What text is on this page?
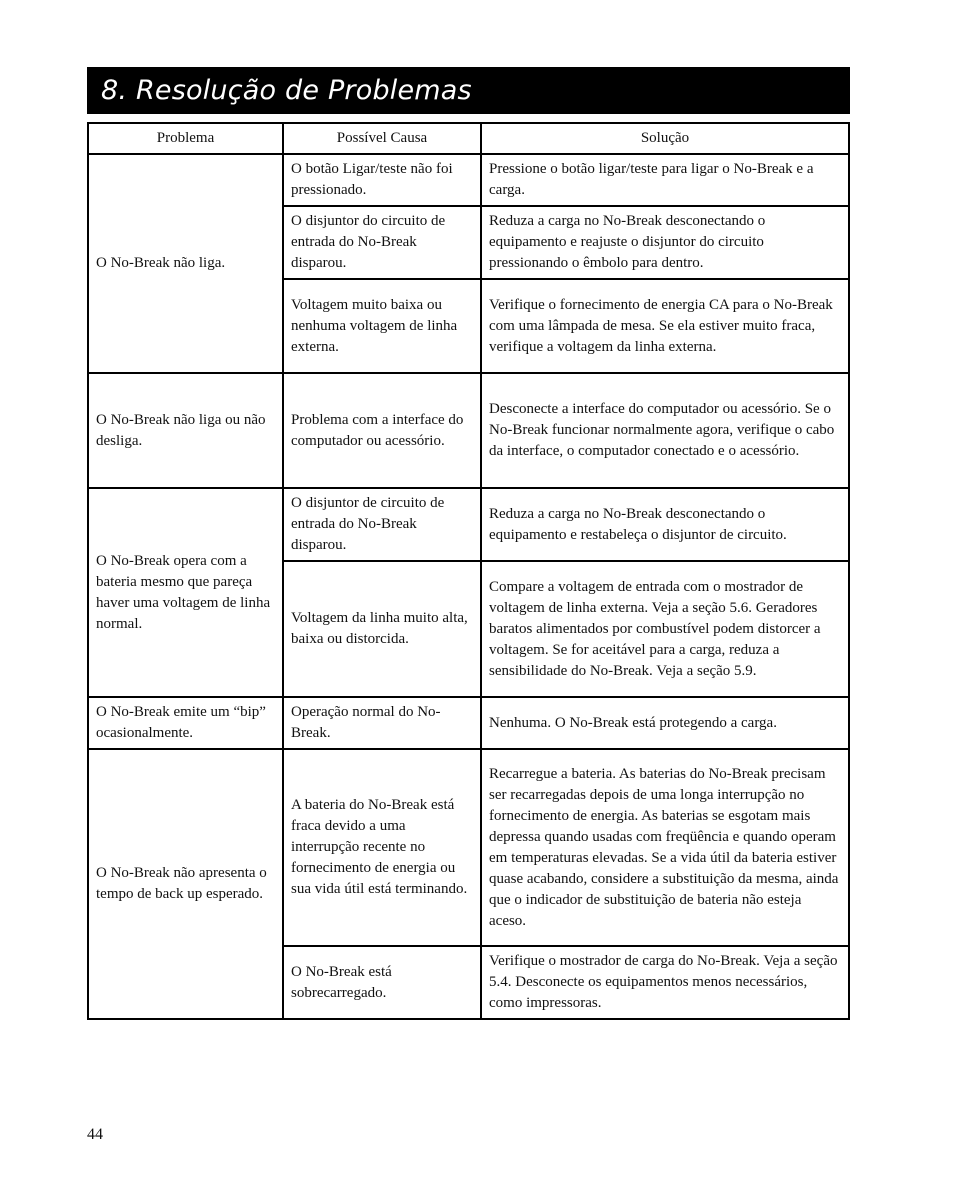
8. Resolução de Problemas
Problema	Possível Causa	Solução
O No-Break não liga.	O botão Ligar/teste não foi pressionado.	Pressione o botão ligar/teste para ligar o No-Break e a carga.
	O disjuntor do circuito de entrada do No-Break disparou.	Reduza a carga no No-Break desconectando o equipamento e reajuste o disjuntor do circuito pressionando o êmbolo para dentro.
	Voltagem muito baixa ou nenhuma voltagem de linha externa.	Verifique o fornecimento de energia CA para o No-Break com uma lâmpada de mesa. Se ela estiver muito fraca, verifique a voltagem da linha externa.
O No-Break não liga ou não desliga.	Problema com a interface do computador ou acessório.	Desconecte a interface do computador ou acessório. Se o No-Break funcionar normalmente agora, verifique o cabo da interface, o computador conectado e o acessório.
O No-Break opera com a bateria mesmo que pareça haver uma voltagem de linha normal.	O disjuntor de circuito de entrada do No-Break disparou.	Reduza a carga no No-Break desconectando o equipamento e restabeleça o disjuntor de circuito.
	Voltagem da linha muito alta, baixa ou distorcida.	Compare a voltagem de entrada com o mostrador de voltagem de linha externa. Veja a seção 5.6. Geradores baratos alimentados por combustível podem distorcer a voltagem. Se for aceitável para a carga, reduza a sensibilidade do No-Break. Veja a seção 5.9.
O No-Break emite um “bip” ocasionalmente.	Operação normal do No-Break.	Nenhuma. O No-Break está protegendo a carga.
O No-Break não apresenta o tempo de back up esperado.	A bateria do No-Break está fraca devido a uma interrupção recente no fornecimento de energia ou sua vida útil está terminando.	Recarregue a bateria. As baterias do No-Break precisam ser recarregadas depois de uma longa interrupção no fornecimento de energia. As baterias se esgotam mais depressa quando usadas com freqüência e quando operam em temperaturas elevadas. Se a vida útil da bateria estiver quase acabando, considere a substituição da mesma, ainda que o indicador de substituição de bateria não esteja aceso.
	O No-Break está sobrecarregado.	Verifique o mostrador de carga do No-Break. Veja a seção 5.4. Desconecte os equipamentos menos necessários, como impressoras.
44
